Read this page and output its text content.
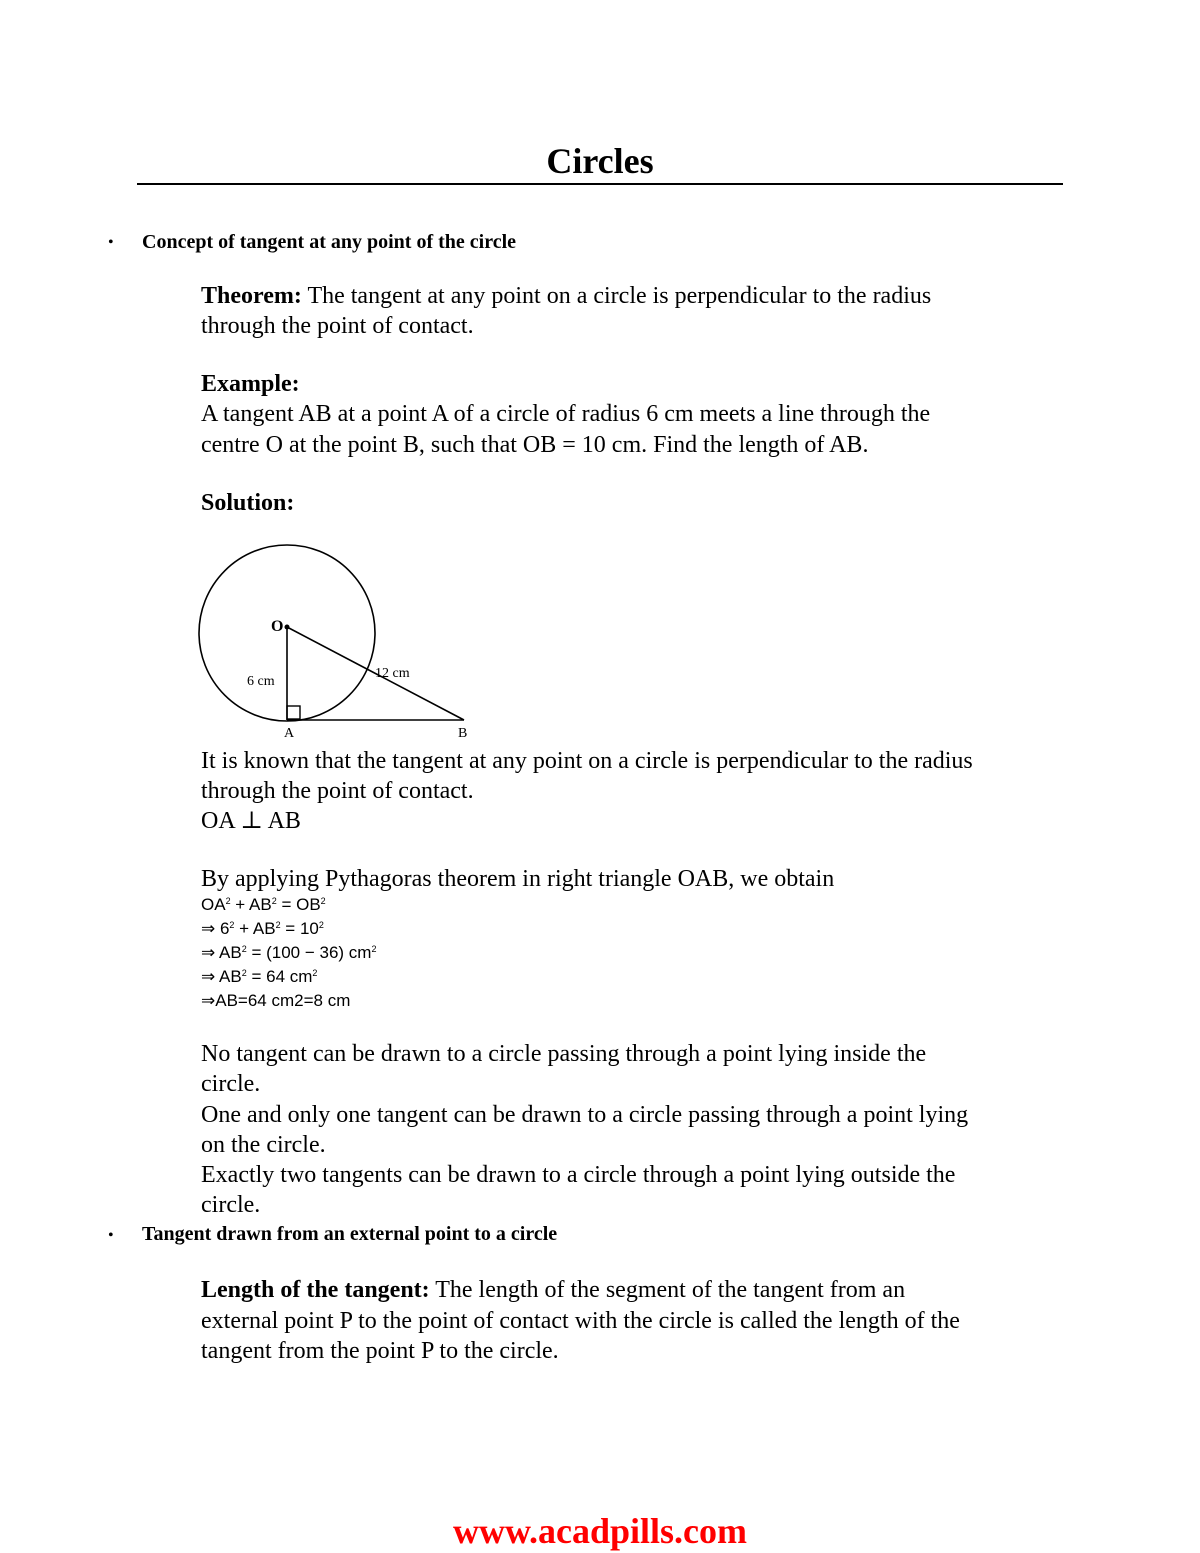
Circles
• Concept of tangent at any point of the circle
Theorem: The tangent at any point on a circle is perpendicular to the radius
through the point of contact.
Example:
A tangent AB at a point A of a circle of radius 6 cm meets a line through the
centre O at the point B, such that OB = 10 cm. Find the length of AB.
Solution:
O
6 cm
12 cm
A	B
It is known that the tangent at any point on a circle is perpendicular to the radius
through the point of contact.
OA ⊥ AB
By applying Pythagoras theorem in right triangle OAB, we obtain
$OA^2 + AB^2 = OB^2$
⇒ $6^2 + AB^2 = 10^2$
⇒ $AB^2 = (100 - 36)$ $cm^2$
⇒ $AB^2 = 64$ $cm^2$
⇒AB=64 cm2=8 cm
No tangent can be drawn to a circle passing through a point lying inside the
circle.
One and only one tangent can be drawn to a circle passing through a point lying
on the circle.
Exactly two tangents can be drawn to a circle through a point lying outside the
circle.
• Tangent drawn from an external point to a circle
Length of the tangent: The length of the segment of the tangent from an
external point P to the point of contact with the circle is called the length of the
tangent from the point P to the circle.
www.acadpills.com
